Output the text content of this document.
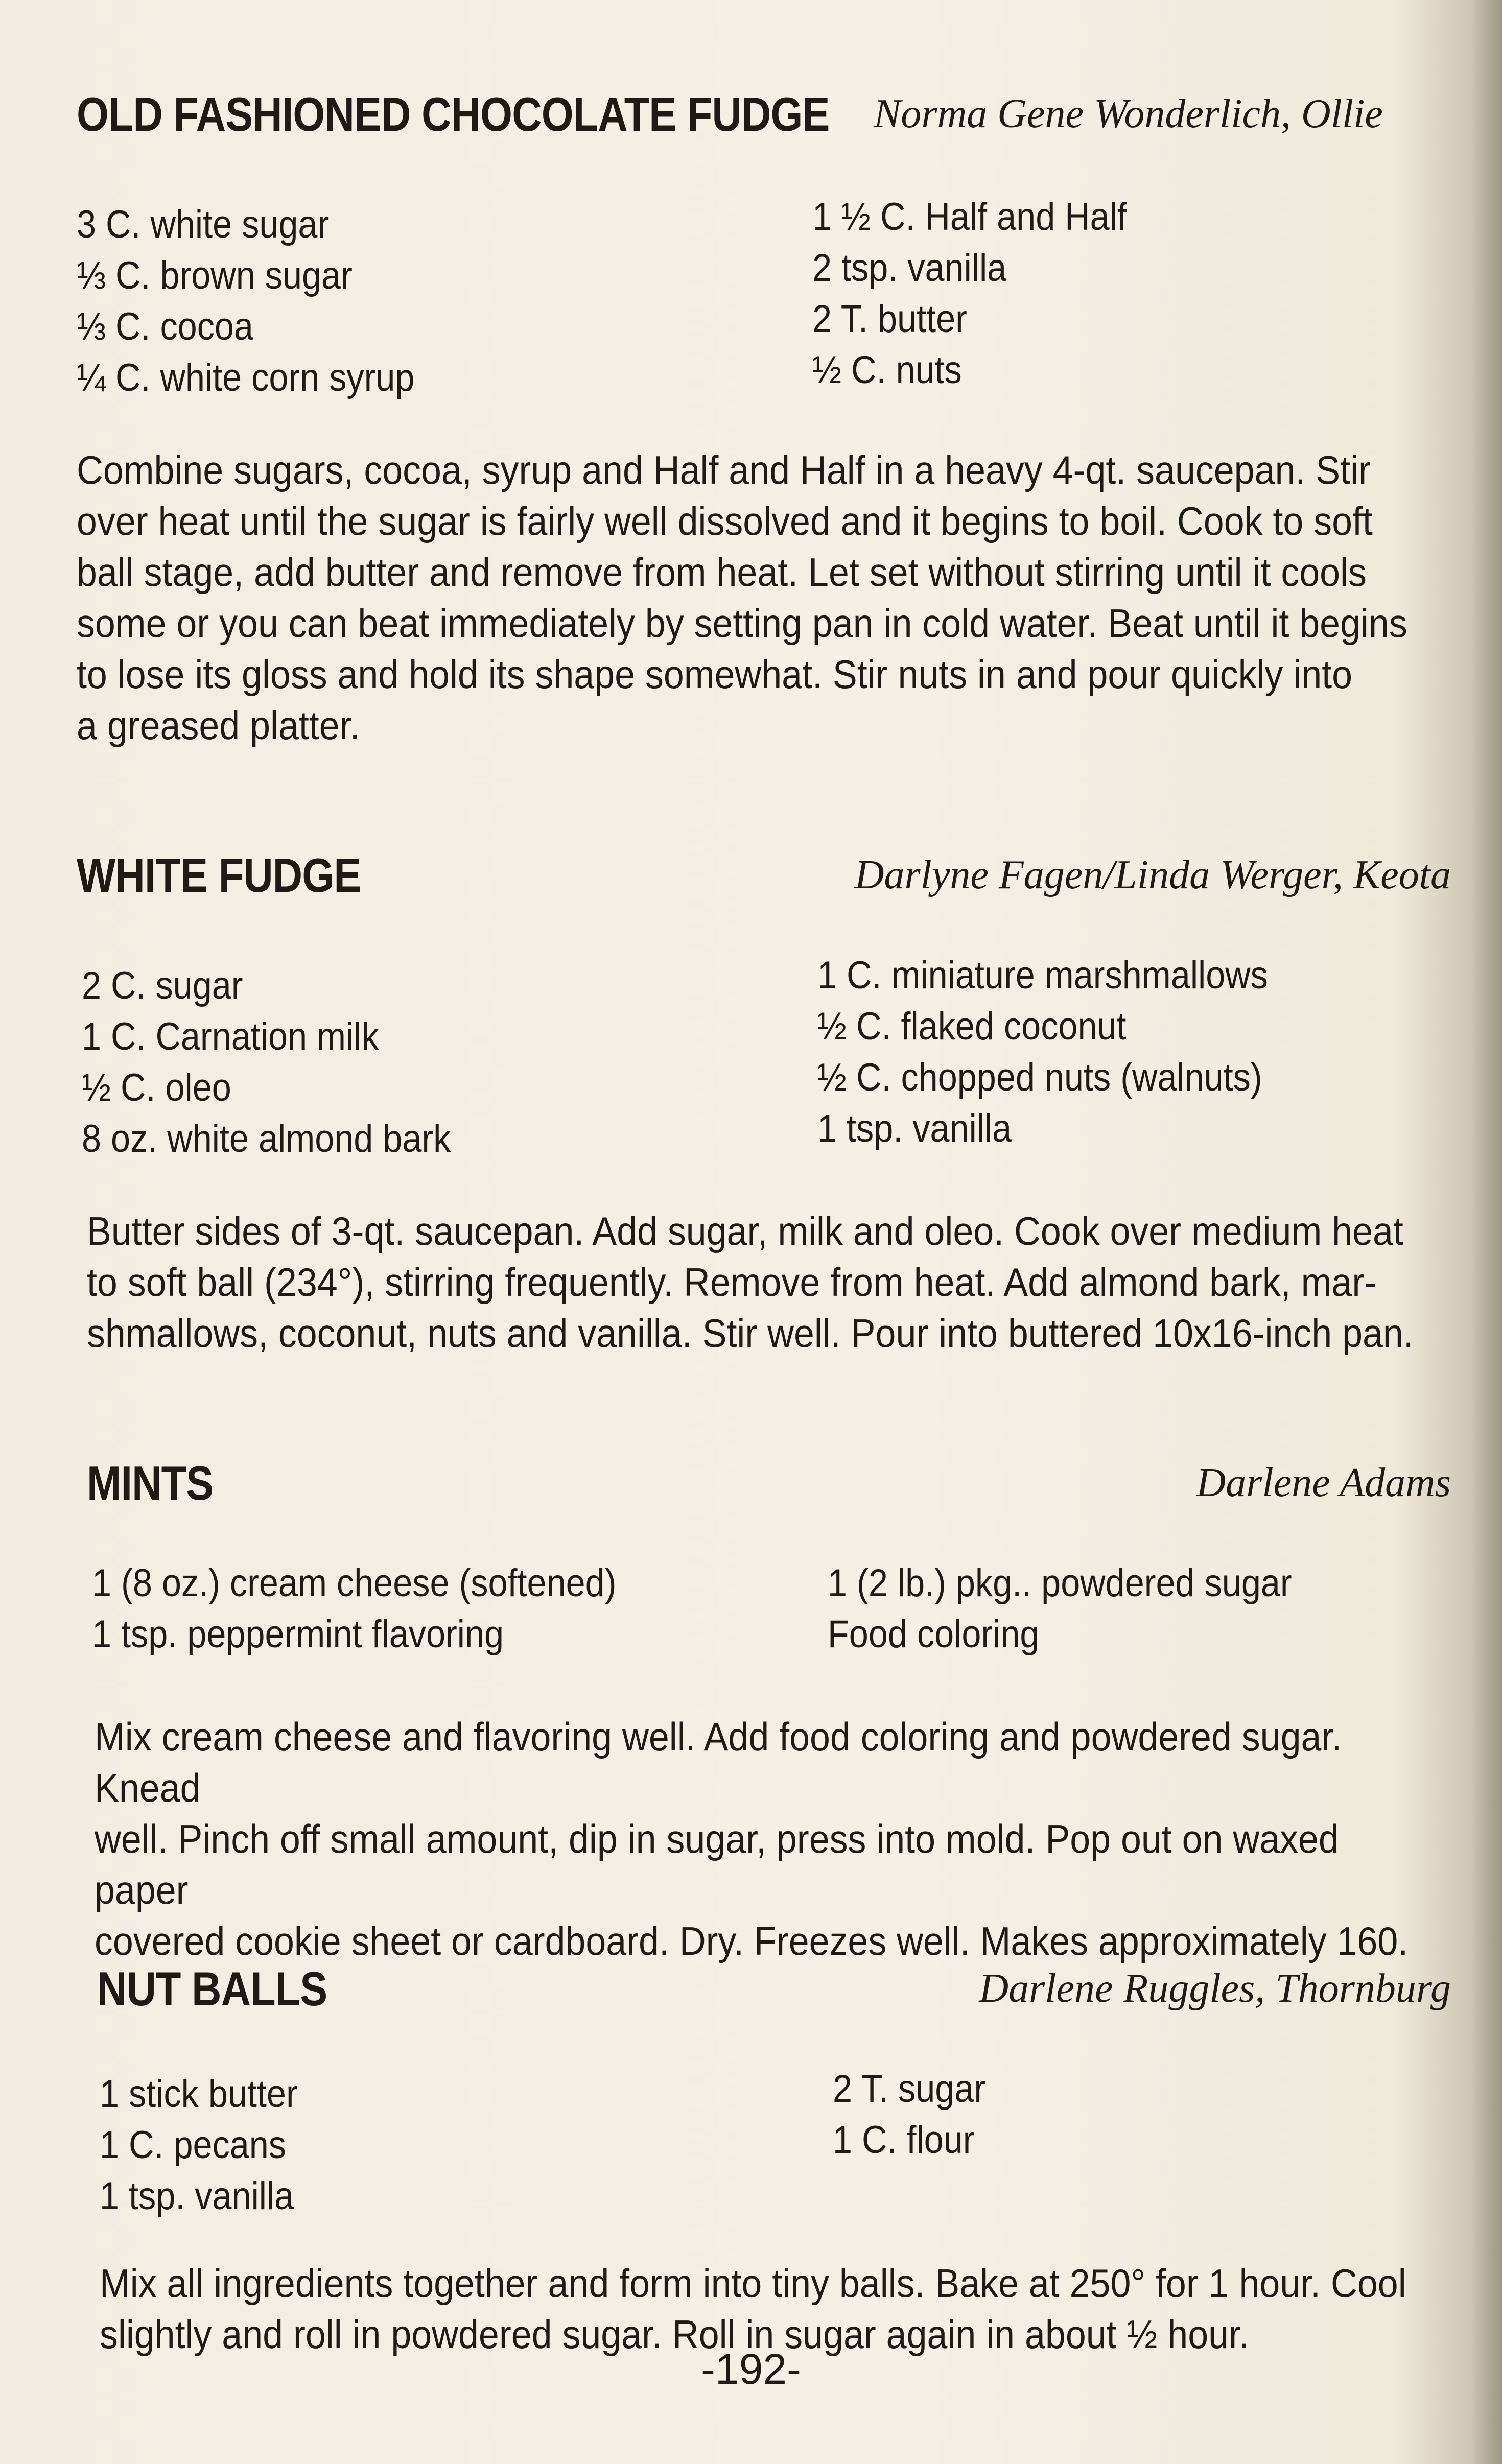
OLD FASHIONED CHOCOLATE FUDGE Norma Gene Wonderlich, Ollie
3 C. white sugar
⅓ C. brown sugar
⅓ C. cocoa
¼ C. white corn syrup
1 ½ C. Half and Half
2 tsp. vanilla
2 T. butter
½ C. nuts
Combine sugars, cocoa, syrup and Half and Half in a heavy 4-qt. saucepan. Stir
over heat until the sugar is fairly well dissolved and it begins to boil. Cook to soft
ball stage, add butter and remove from heat. Let set without stirring until it cools
some or you can beat immediately by setting pan in cold water. Beat until it begins
to lose its gloss and hold its shape somewhat. Stir nuts in and pour quickly into
a greased platter.
WHITE FUDGE	Darlyne Fagen/Linda Werger, Keota
2 C. sugar
1 C. Carnation milk
½ C. oleo
8 oz. white almond bark
1 C. miniature marshmallows
½ C. flaked coconut
½ C. chopped nuts (walnuts)
1 tsp. vanilla
Butter sides of 3-qt. saucepan. Add sugar, milk and oleo. Cook over medium heat
to soft ball (234°), stirring frequently. Remove from heat. Add almond bark, mar-
shmallows, coconut, nuts and vanilla. Stir well. Pour into buttered 10x16-inch pan.
MINTS	Darlene Adams
1 (8 oz.) cream cheese (softened)
1 tsp. peppermint flavoring
1 (2 lb.) pkg.. powdered sugar
Food coloring
Mix cream cheese and flavoring well. Add food coloring and powdered sugar. Knead
well. Pinch off small amount, dip in sugar, press into mold. Pop out on waxed paper
covered cookie sheet or cardboard. Dry. Freezes well. Makes approximately 160.
NUT BALLS	Darlene Ruggles, Thornburg
1 stick butter
1 C. pecans
1 tsp. vanilla
2 T. sugar
1 C. flour
Mix all ingredients together and form into tiny balls. Bake at 250° for 1 hour. Cool
slightly and roll in powdered sugar. Roll in sugar again in about ½ hour.
-192-
